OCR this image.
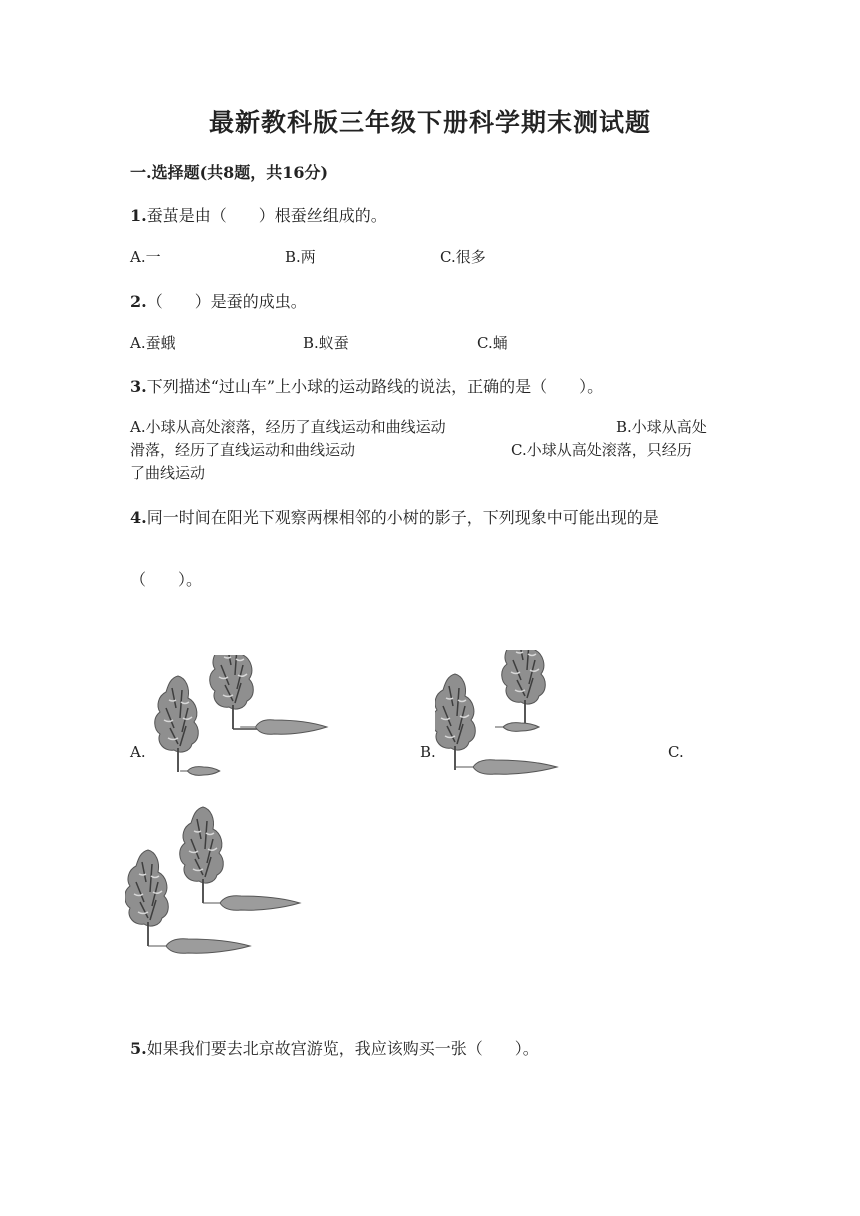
最新教科版三年级下册科学期末测试题
一.选择题(共8题，共16分)
1.蚕茧是由（　　）根蚕丝组成的。
A.一	B.两	C.很多
2.（　　）是蚕的成虫。
A.蚕蛾	B.蚁蚕	C.蛹
3.下列描述“过山车”上小球的运动路线的说法，正确的是（　　）。
A.小球从高处滚落，经历了直线运动和曲线运动	B.小球从高处
滑落，经历了直线运动和曲线运动	C.小球从高处滚落，只经历
了曲线运动
4.同一时间在阳光下观察两棵相邻的小树的影子，下列现象中可能出现的是
（　　）。
A.	B.	C.
5.如果我们要去北京故宫游览，我应该购买一张（　　）。
